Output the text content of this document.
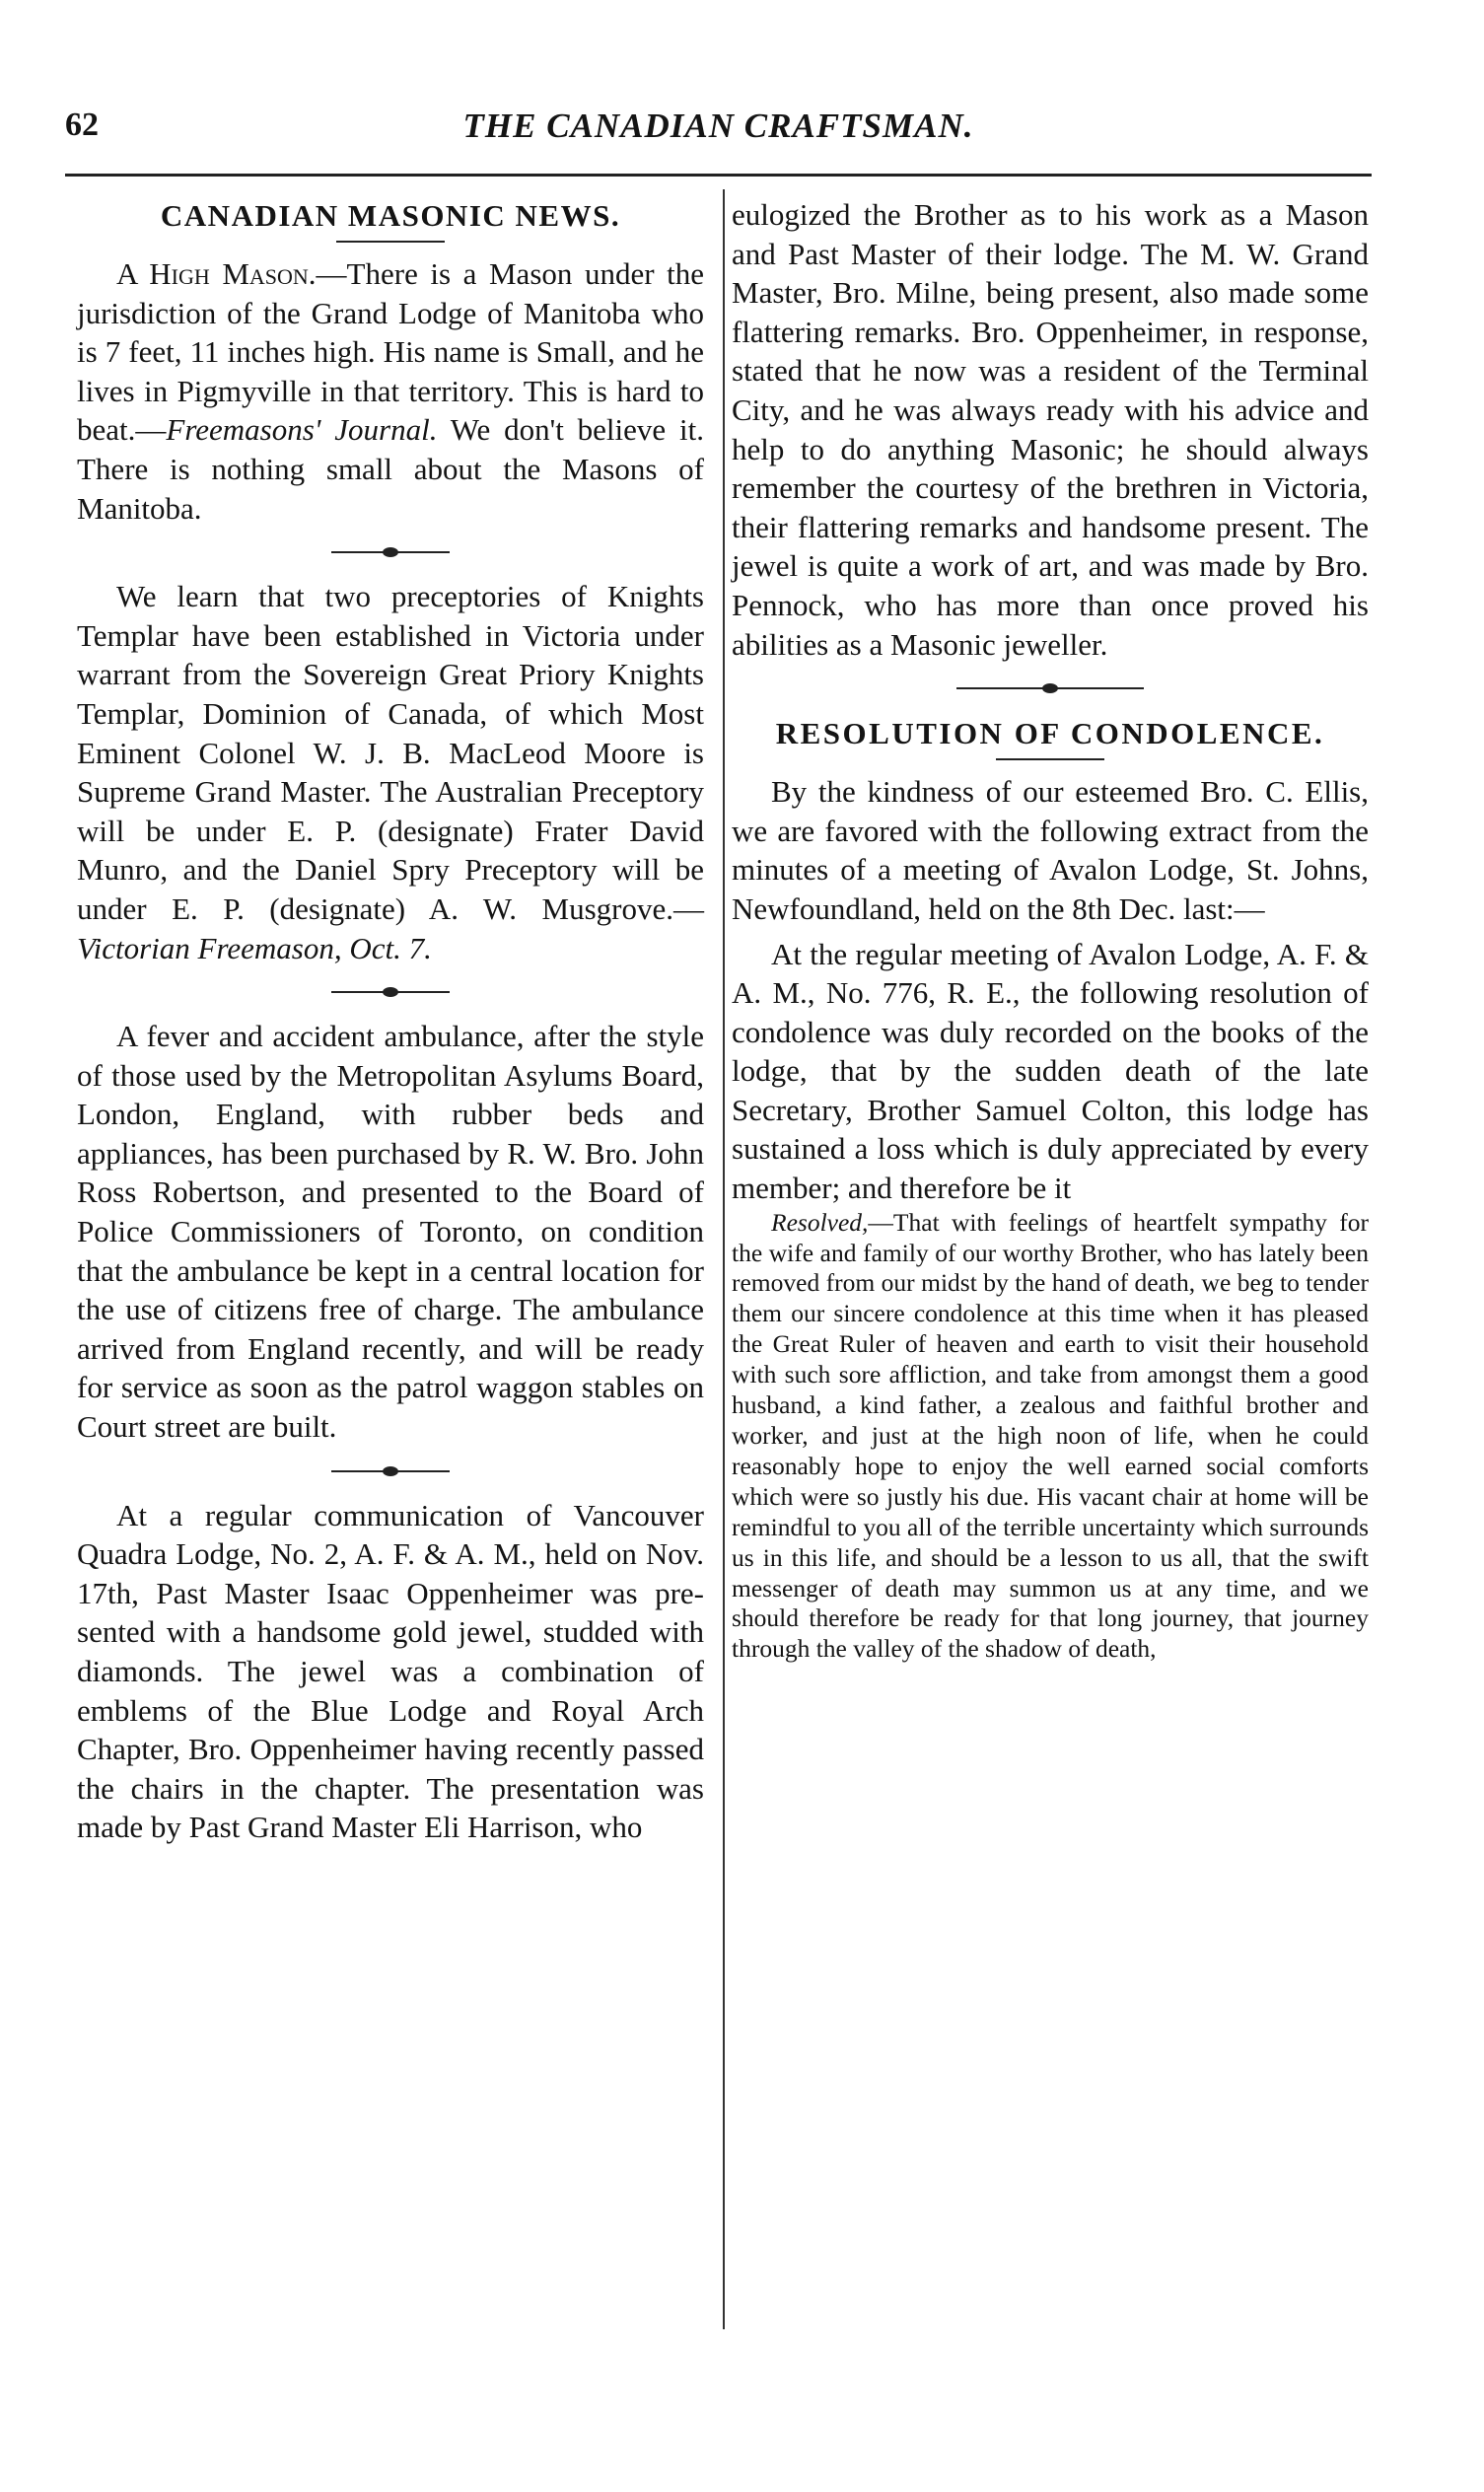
62	THE CANADIAN CRAFTSMAN.
CANADIAN MASONIC NEWS.

A High Mason.—There is a Mason under the jurisdiction of the Grand Lodge of Manitoba who is 7 feet, 11 inches high. His name is Small, and he lives in Pigmyville in that territory. This is hard to beat.—Freemasons' Journal. We don't believe it. There is nothing small about the Masons of Manitoba.

We learn that two preceptories of Knights Templar have been established in Victoria under warrant from the Sovereign Great Priory Knights Templar, Dominion of Canada, of which Most Eminent Colonel W. J. B. MacLeod Moore is Supreme Grand Master. The Australian Preceptory will be under E. P. (designate) Frater David Munro, and the Daniel Spry Preceptory will be under E. P. (designate) A. W. Musgrove.—Victorian Freemason, Oct. 7.

A fever and accident ambulance, after the style of those used by the Metropolitan Asylums Board, London, England, with rubber beds and appliances, has been purchased by R. W. Bro. John Ross Robertson, and presented to the Board of Police Commissioners of Toronto, on condition that the ambulance be kept in a central location for the use of citizens free of charge. The ambulance arrived from England recently, and will be ready for service as soon as the patrol waggon stables on Court street are built.

At a regular communication of Vancouver Quadra Lodge, No. 2, A. F. & A. M., held on Nov. 17th, Past Master Isaac Oppenheimer was presented with a handsome gold jewel, studded with diamonds. The jewel was a combination of emblems of the Blue Lodge and Royal Arch Chapter, Bro. Oppenheimer having recently passed the chairs in the chapter. The presentation was made by Past Grand Master Eli Harrison, who

eulogized the Brother as to his work as a Mason and Past Master of their lodge. The M. W. Grand Master, Bro. Milne, being present, also made some flattering remarks. Bro. Oppenheimer, in response, stated that he now was a resident of the Terminal City, and he was always ready with his advice and help to do anything Masonic; he should always remember the courtesy of the brethren in Victoria, their flattering remarks and handsome present. The jewel is quite a work of art, and was made by Bro. Pennock, who has more than once proved his abilities as a Masonic jeweller.

RESOLUTION OF CONDOLENCE.

By the kindness of our esteemed Bro. C. Ellis, we are favored with the following extract from the minutes of a meeting of Avalon Lodge, St. Johns, Newfoundland, held on the 8th Dec. last:—

At the regular meeting of Avalon Lodge, A. F. & A. M., No. 776, R. E., the following resolution of condolence was duly recorded on the books of the lodge, that by the sudden death of the late Secretary, Brother Samuel Colton, this lodge has sustained a loss which is duly appreciated by every member; and therefore be it

Resolved,—That with feelings of heartfelt sympathy for the wife and family of our worthy Brother, who has lately been removed from our midst by the hand of death, we beg to tender them our sincere condolence at this time when it has pleased the Great Ruler of heaven and earth to visit their household with such sore affliction, and take from amongst them a good husband, a kind father, a zealous and faithful brother and worker, and just at the high noon of life, when he could reasonably hope to enjoy the well earned social comforts which were so justly his due. His vacant chair at home will be remindful to you all of the terrible uncertainty which surrounds us in this life, and should be a lesson to us all, that the swift messenger of death may summon us at any time, and we should therefore be ready for that long journey, that journey through the valley of the shadow of death,
